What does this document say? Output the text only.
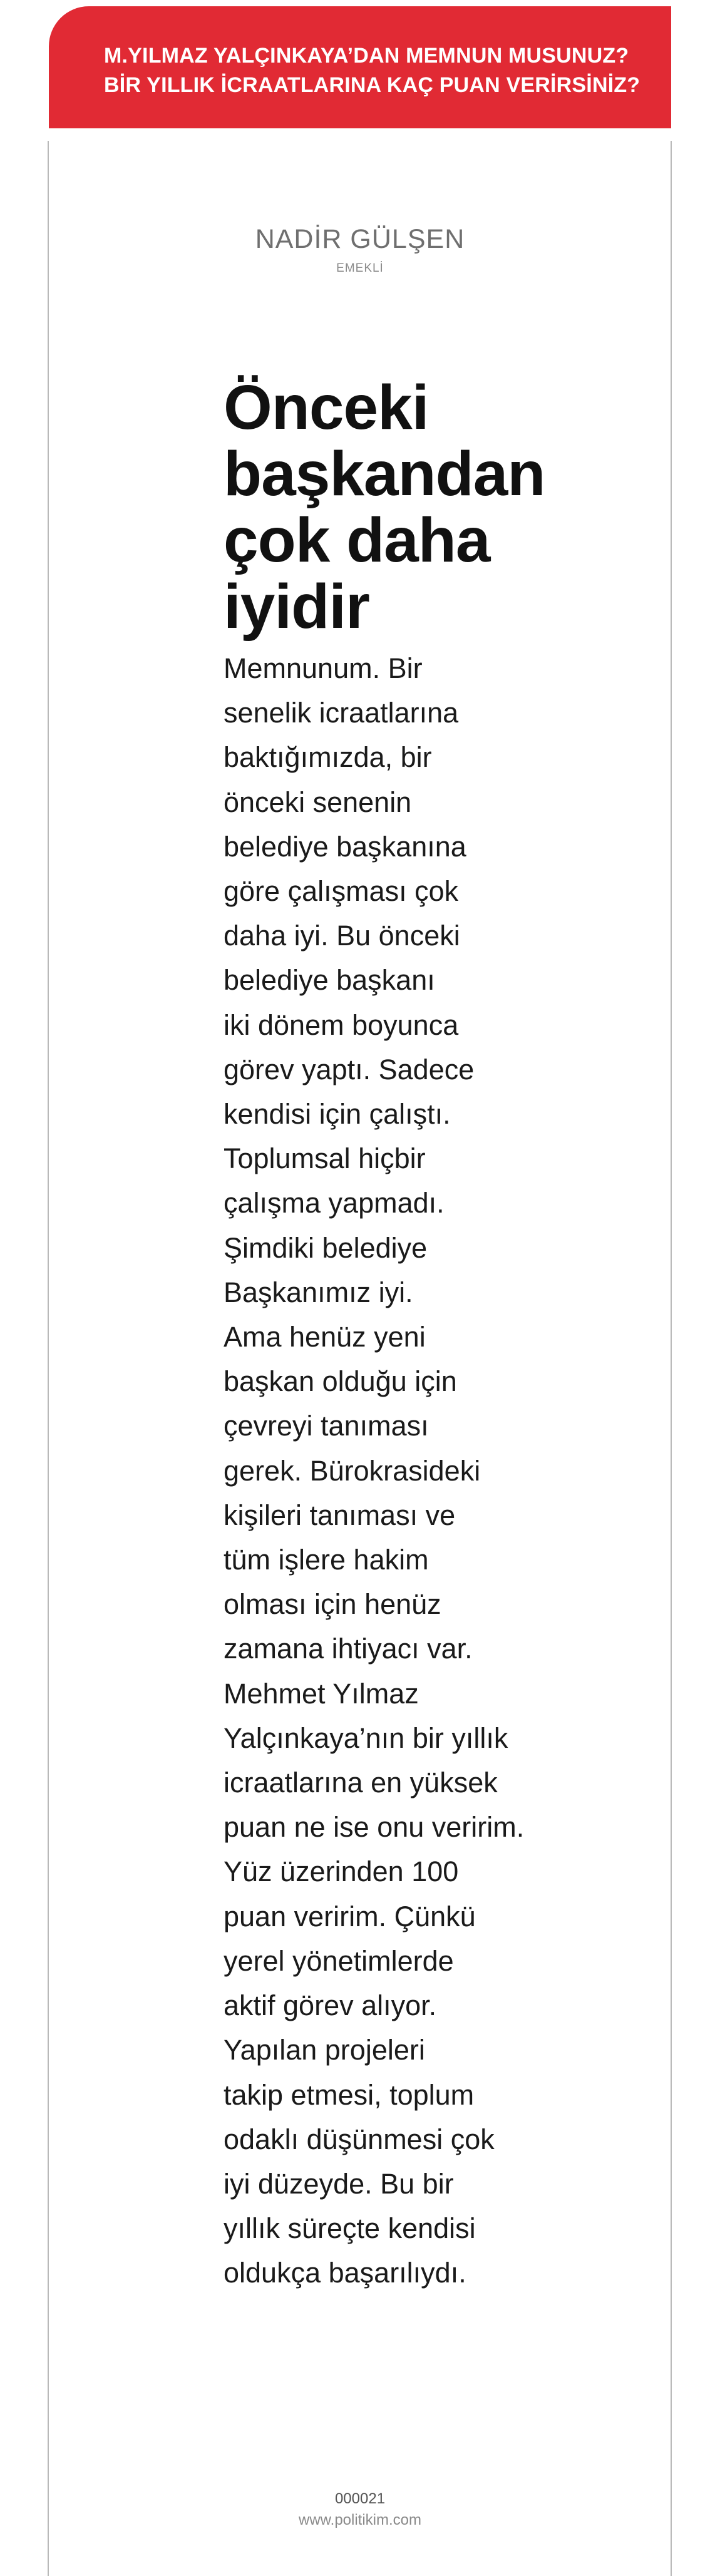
M.YILMAZ YALÇINKAYA’DAN MEMNUN MUSUNUZ?
BİR YILLIK İCRAATLARINA KAÇ PUAN VERİRSİNİZ?
NADİR GÜLŞEN
EMEKLİ
Önceki
başkandan
çok daha
iyidir
Memnunum. Bir
senelik icraatlarına
baktığımızda, bir
önceki senenin
belediye başkanına
göre çalışması çok
daha iyi. Bu önceki
belediye başkanı
iki dönem boyunca
görev yaptı. Sadece
kendisi için çalıştı.
Toplumsal hiçbir
çalışma yapmadı.
Şimdiki belediye
Başkanımız iyi.
Ama henüz yeni
başkan olduğu için
çevreyi tanıması
gerek. Bürokrasideki
kişileri tanıması ve
tüm işlere hakim
olması için henüz
zamana ihtiyacı var.
Mehmet Yılmaz
Yalçınkaya’nın bir yıllık
icraatlarına en yüksek
puan ne ise onu veririm.
Yüz üzerinden 100
puan veririm. Çünkü
yerel yönetimlerde
aktif görev alıyor.
Yapılan projeleri
takip etmesi, toplum
odaklı düşünmesi çok
iyi düzeyde. Bu bir
yıllık süreçte kendisi
oldukça başarılıydı.
000021
www.politikim.com
